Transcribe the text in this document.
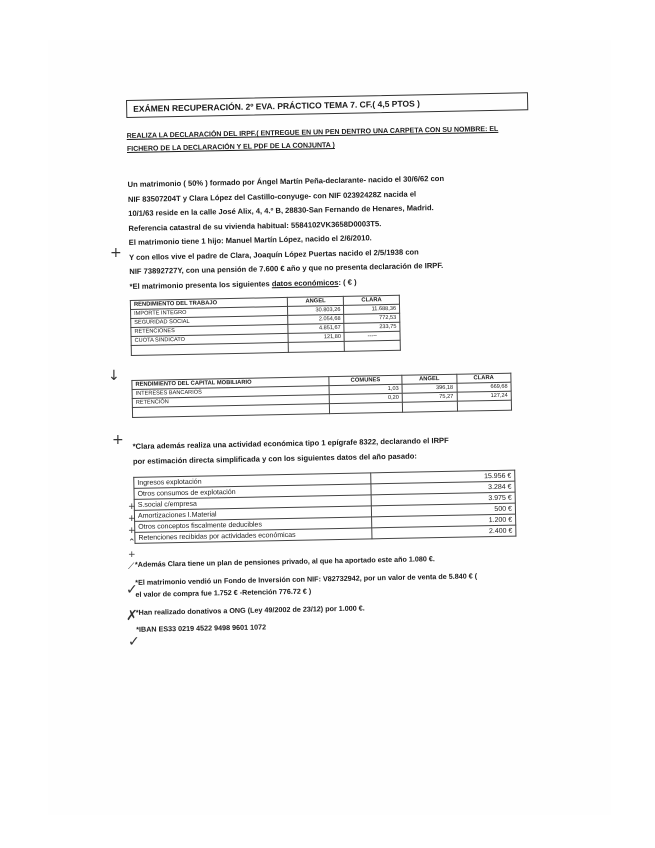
EXÁMEN RECUPERACIÓN. 2º EVA. PRÁCTICO TEMA 7. CF.( 4,5 PTOS )
REALIZA LA DECLARACIÓN DEL IRPF.( ENTREGUE EN UN PEN DENTRO UNA CARPETA CON SU NOMBRE: EL
FICHERO DE LA DECLARACIÓN Y EL PDF DE LA CONJUNTA )
Un matrimonio ( 50% ) formado por Ángel Martín Peña-declarante- nacido el 30/6/62 con
NIF 83507204T y Clara López del Castillo-conyuge- con NIF 02392428Z nacida el
10/1/63 reside en la calle José Alix, 4, 4.º B, 28830-San Fernando de Henares, Madrid.
Referencia catastral de su vivienda habitual: 5584102VK3658D0003T5.
El matrimonio tiene 1 hijo: Manuel Martín López, nacido el 2/6/2010.
Y con ellos vive el padre de Clara, Joaquín López Puertas nacido el 2/5/1938 con
NIF 73892727Y, con una pensión de 7.600 € año y que no presenta declaración de IRPF.
*El matrimonio presenta los siguientes datos económicos: ( € )
RENDIMIENTO DEL TRABAJO	ANGEL	CLARA
IMPORTE INTEGRO	30.803,26	11.688,36
SEGURIDAD SOCIAL	2.054,68	772,53
RETENCIONES	4.851,67	233,75
CUOTA SINDICATO	121,80	-----

RENDIMIENTO DEL CAPITAL MOBILIARIO	COMUNES	ANGEL	CLARA
INTERESES BANCARIOS	1,03	396,18	669,68
RETENCIÓN	0,20	75,27	127,24

*Clara además realiza una actividad económica tipo 1 epígrafe 8322, declarando el IRPF
por estimación directa simplificada y con los siguientes datos del año pasado:
Ingresos explotación	15.956 €
Otros consumos de explotación	3.284 €
S.social c/empresa	3.975 €
Amortizaciones I.Material	500 €
Otros conceptos fiscalmente deducibles	1.200 €
Retenciones recibidas por actividades económicas	2.400 €
*Además Clara tiene un plan de pensiones privado, al que ha aportado este año 1.080 €.
*El matrimonio vendió un Fondo de Inversión con NIF: V82732942, por un valor de venta de 5.840 € (
el valor de compra fue 1.752 € -Retención 776.72 € )
*Han realizado donativos a ONG (Ley 49/2002 de 23/12) por 1.000 €.
*IBAN ES33 0219 4522 9498 9601 1072
+
↓
+
+
+
+
⌃
+
⟋
✓
✗
✓
